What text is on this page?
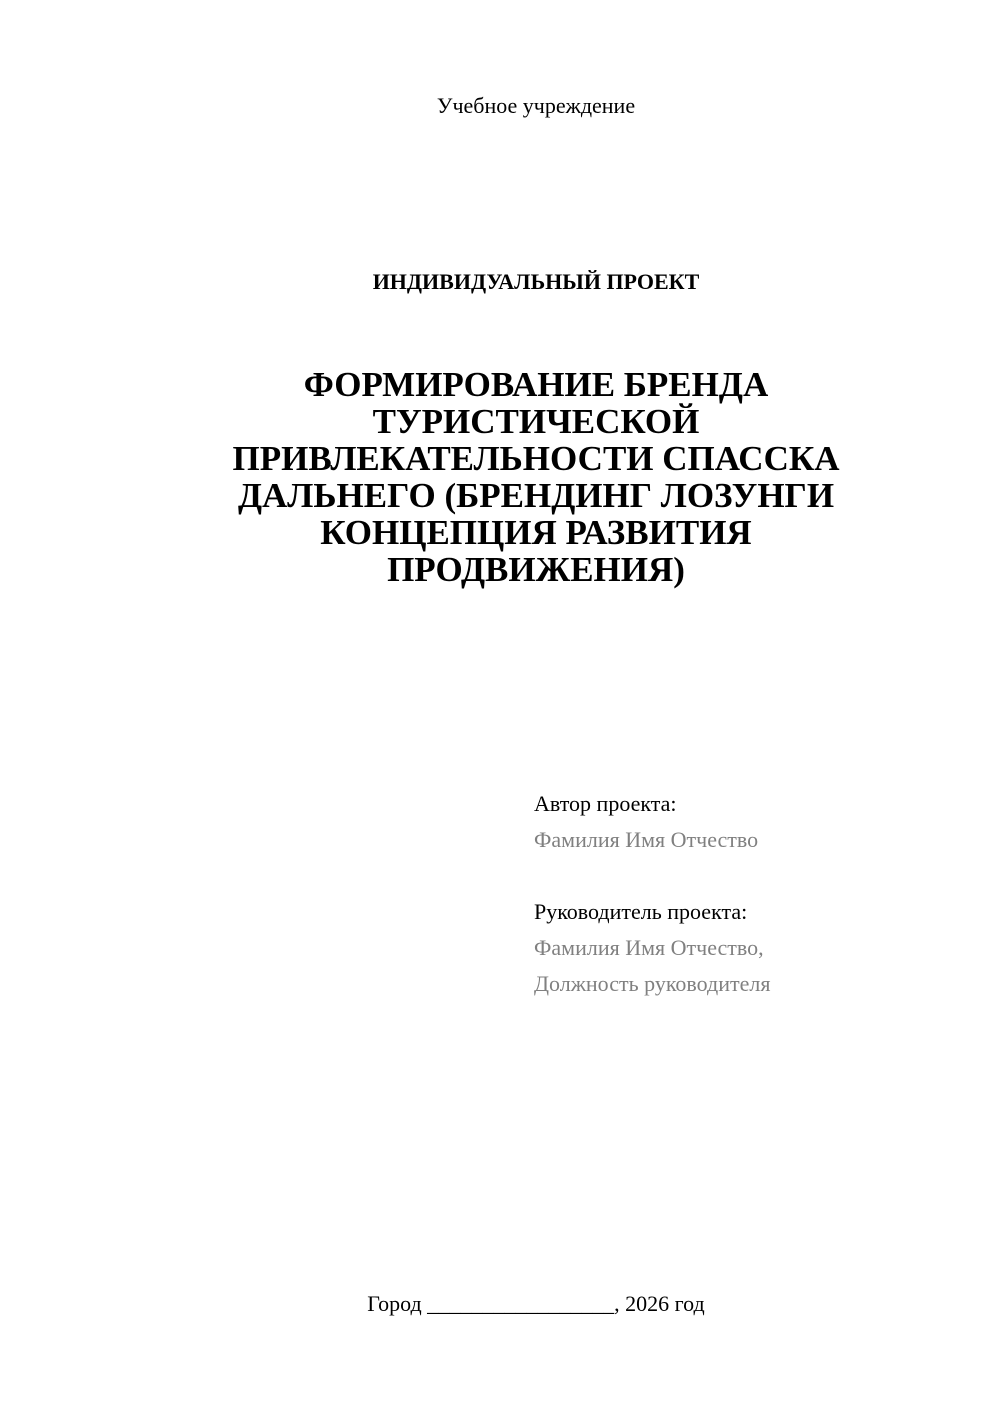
Учебное учреждение
ИНДИВИДУАЛЬНЫЙ ПРОЕКТ
ФОРМИРОВАНИЕ БРЕНДА
ТУРИСТИЧЕСКОЙ
ПРИВЛЕКАТЕЛЬНОСТИ СПАССКА
ДАЛЬНЕГО (БРЕНДИНГ ЛОЗУНГИ
КОНЦЕПЦИЯ РАЗВИТИЯ
ПРОДВИЖЕНИЯ)
Автор проекта:
Фамилия Имя Отчество
Руководитель проекта:
Фамилия Имя Отчество,
Должность руководителя
Город _________________, 2026 год
